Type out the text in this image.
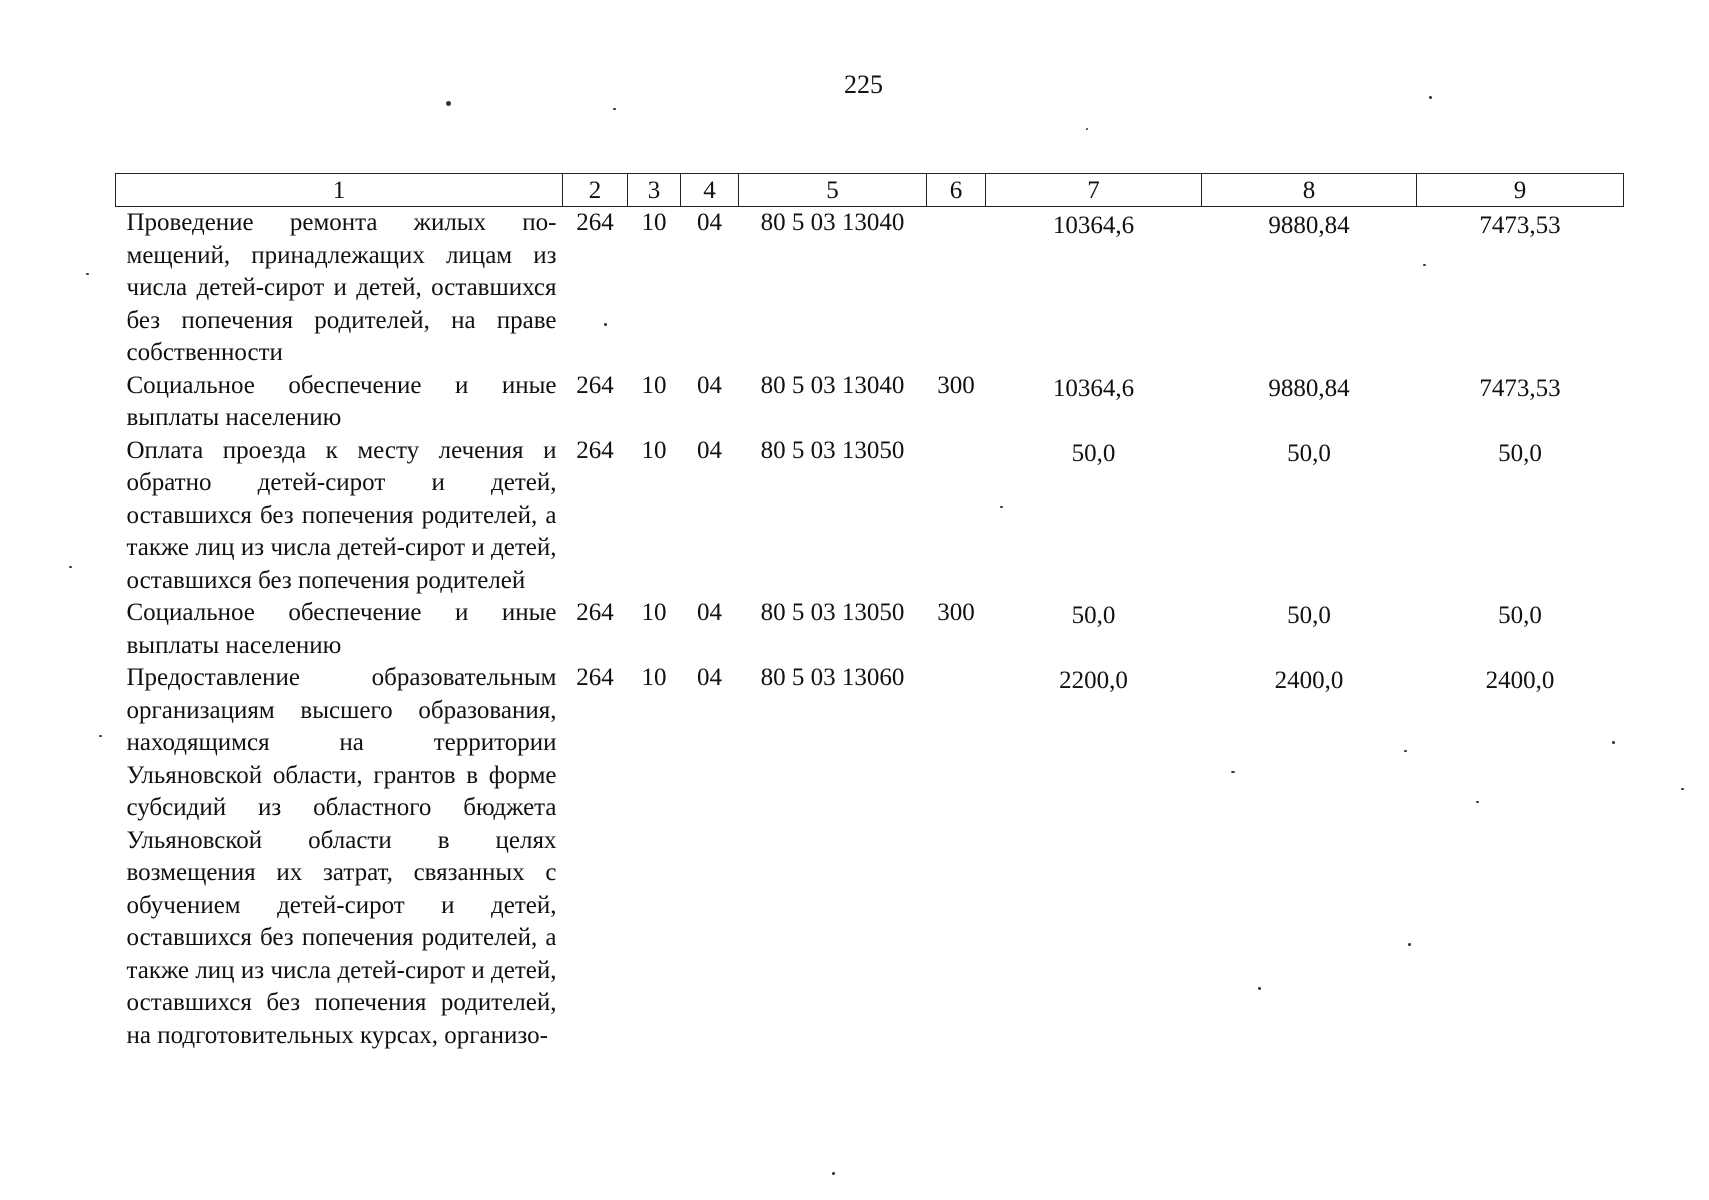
225
1	2	3	4	5	6	7	8	9
Проведение ремонта жилых помещений, принадлежащих лицам из числа детей-сирот и детей, оставшихся без попечения родителей, на праве собственности	264	10	04	80 5 03 13040		10364,6	9880,84	7473,53
Социальное обеспечение и иные выплаты населению	264	10	04	80 5 03 13040	300	10364,6	9880,84	7473,53
Оплата проезда к месту лечения и обратно детей-сирот и детей, оставшихся без попечения родителей, а также лиц из числа детей-сирот и детей, оставшихся без попечения родителей	264	10	04	80 5 03 13050		50,0	50,0	50,0
Социальное обеспечение и иные выплаты населению	264	10	04	80 5 03 13050	300	50,0	50,0	50,0
Предоставление образовательным организациям высшего образования, находящимся на территории Ульяновской области, грантов в форме субсидий из областного бюджета Ульяновской области в целях возмещения их затрат, связанных с обучением детей-сирот и детей, оставшихся без попечения родителей, а также лиц из числа детей-сирот и детей, оставшихся без попечения родителей, на подготовительных курсах, организо-	264	10	04	80 5 03 13060		2200,0	2400,0	2400,0
